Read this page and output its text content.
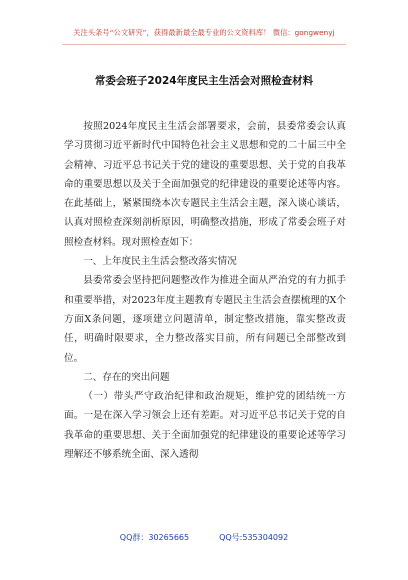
关注头条号“公文研究”，获得最新最全最专业的公文资料库！ 微信：gongwenyj
常委会班子2024年度民主生活会对照检查材料

按照2024年度民主生活会部署要求，会前，县委常委会认真学习贯彻习近平新时代中国特色社会主义思想和党的二十届三中全会精神、习近平总书记关于党的建设的重要思想、关于党的自我革命的重要思想以及关于全面加强党的纪律建设的重要论述等内容。在此基础上，紧紧围绕本次专题民主生活会主题，深入谈心谈话，认真对照检查深刻剖析原因，明确整改措施，形成了常委会班子对照检查材料。现对照检查如下：

一、上年度民主生活会整改落实情况

县委常委会坚持把问题整改作为推进全面从严治党的有力抓手和重要举措，对2023年度主题教育专题民主生活会查摆梳理的X个方面X条问题，逐项建立问题清单，制定整改措施，靠实整改责任，明确时限要求，全力整改落实目前，所有问题已全部整改到位。

二、存在的突出问题

（一）带头严守政治纪律和政治规矩，维护党的团结统一方面。一是在深入学习领会上还有差距。对习近平总书记关于党的自我革命的重要思想、关于全面加强党的纪律建设的重要论述等学习理解还不够系统全面、深入透彻

QQ群：30265665	QQ号:535304092
